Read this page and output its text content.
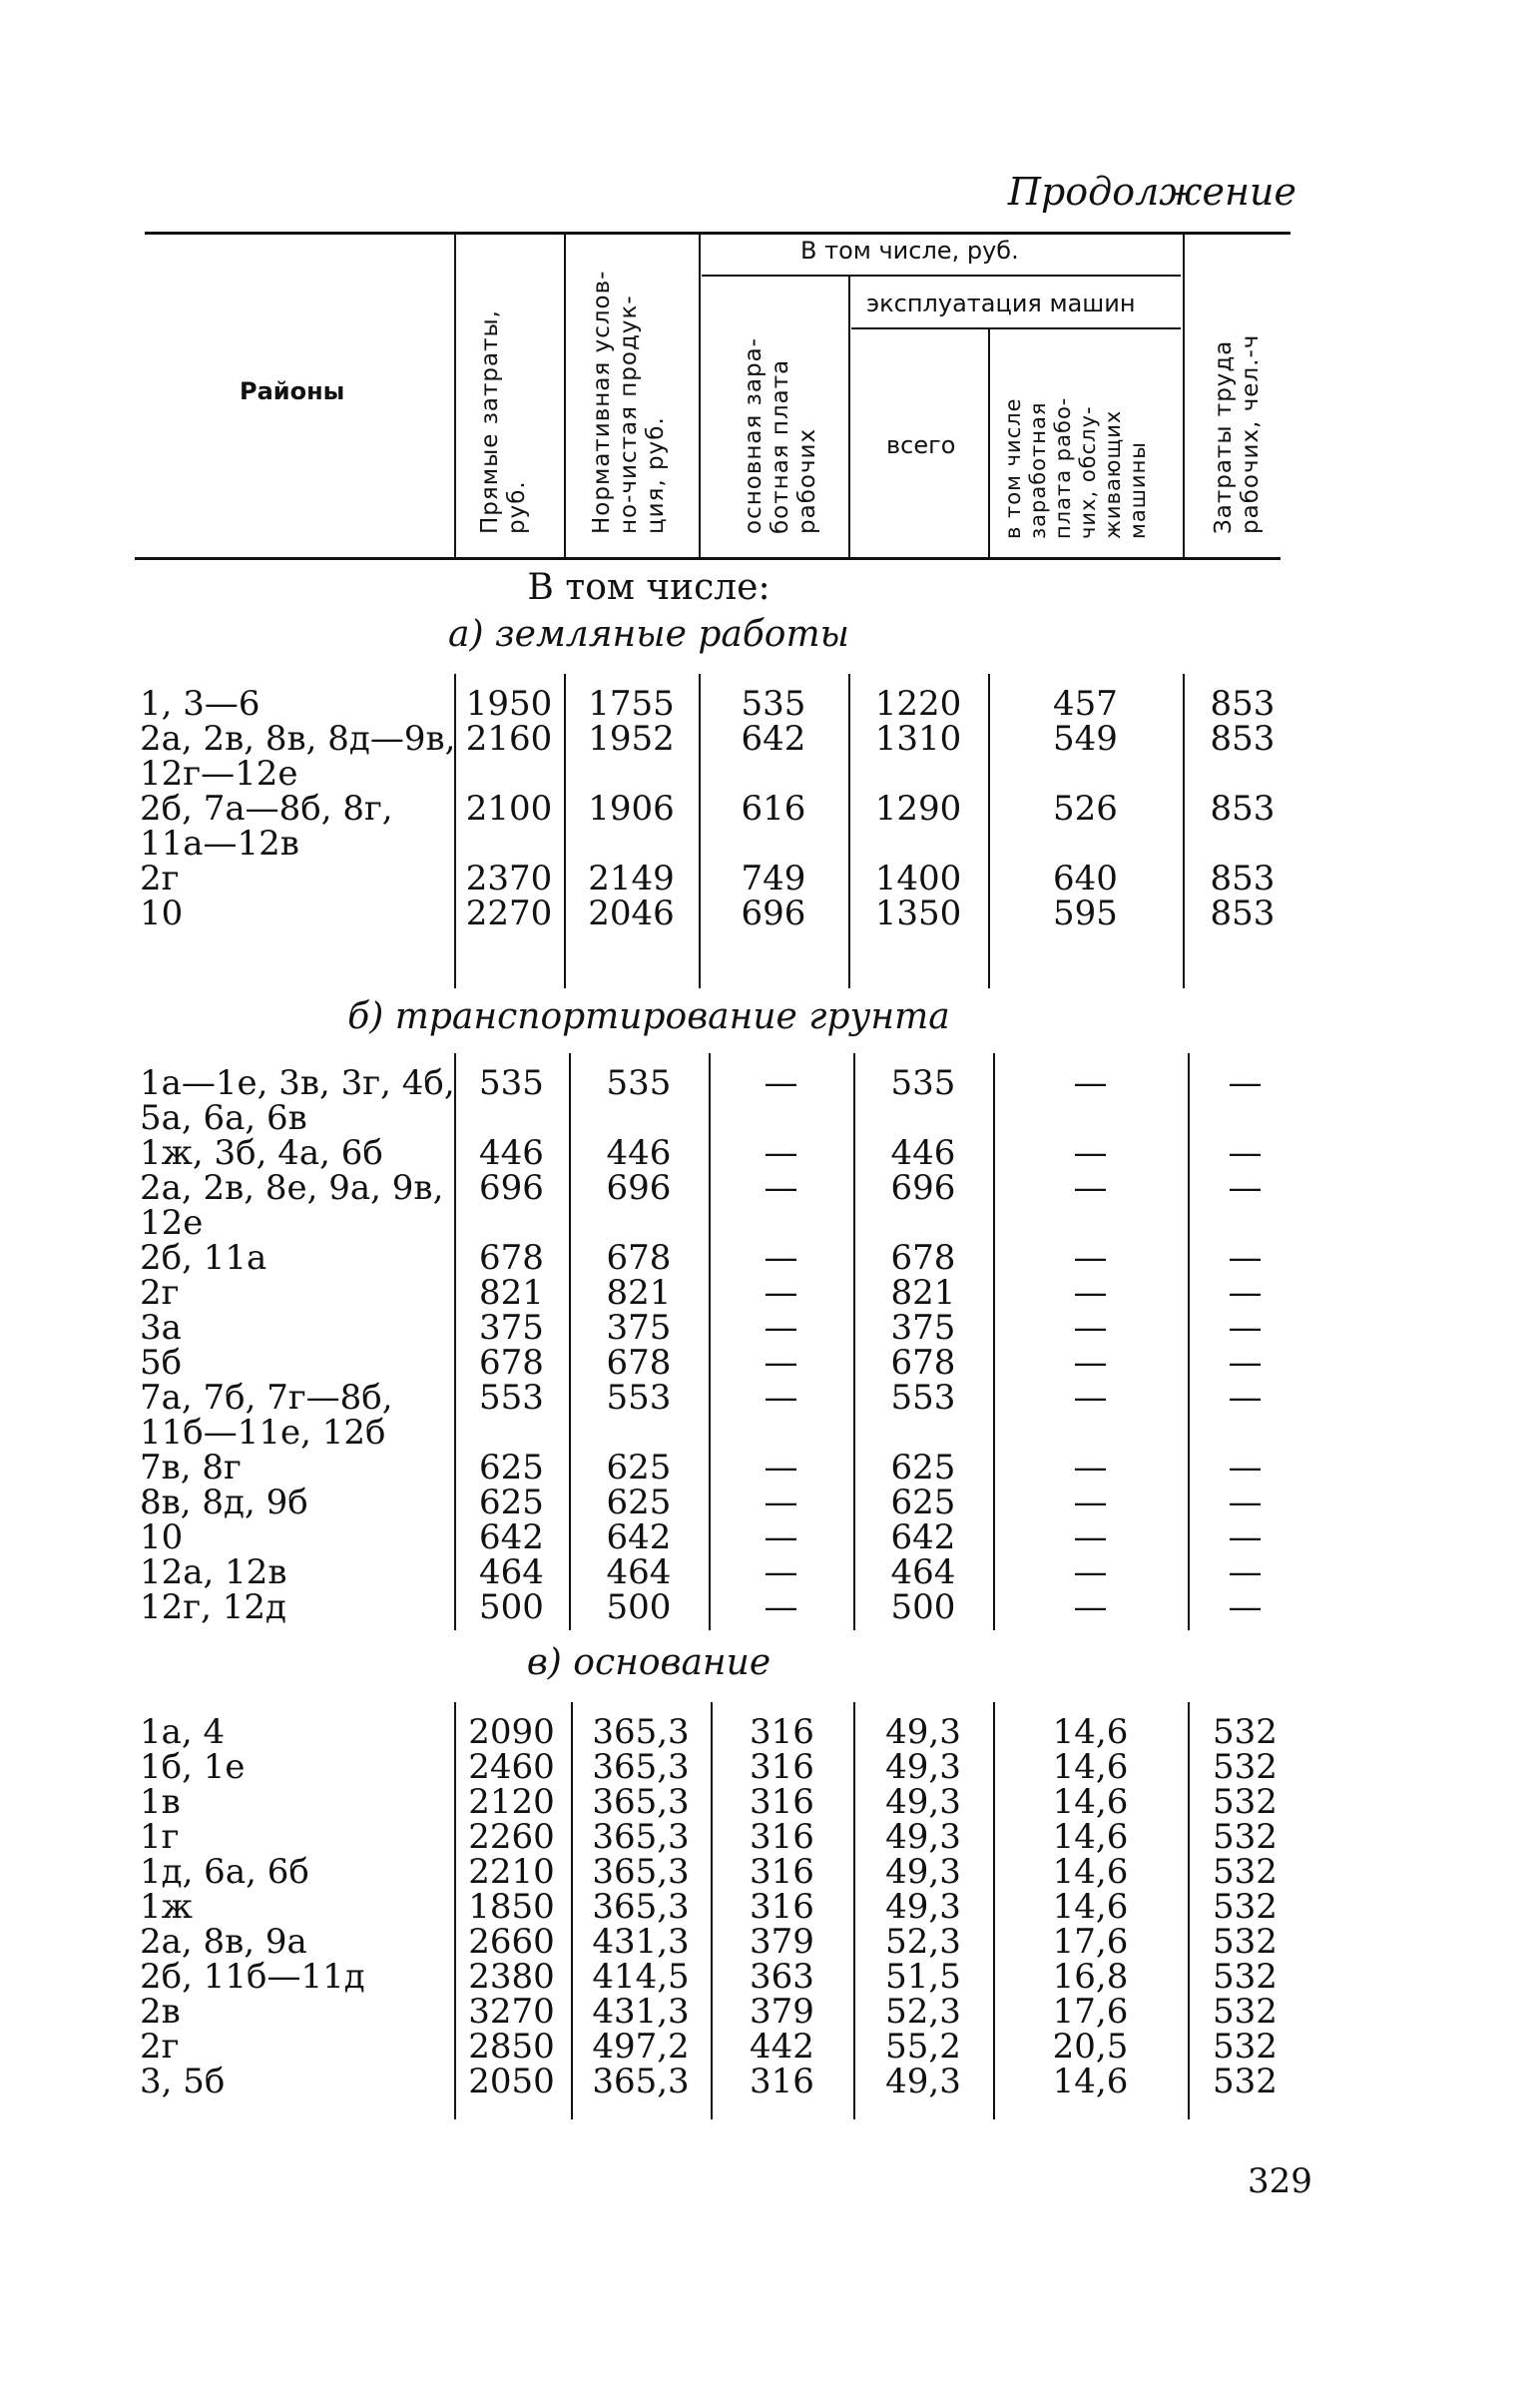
Продолжение
Районы
Прямые затраты,
руб.	Нормативная услов-
но-чистая продук-
ция, руб.
В том числе, руб.
основная зара-
ботная плата
рабочих
эксплуатация машин
всего
в том числе
заработная
плата рабо-
чих, обслу-
живающих
машины	Затраты труда
рабочих, чел.-ч
В том числе:
а) земляные работы
1, 3—6
2а, 2в, 8в, 8д—9в,
12г—12е
2б, 7а—8б, 8г,
11а—12в
2г
10
1950
2160

2100

2370
2270
1755
1952

1906

2149
2046
535
642

616

749
696
1220
1310

1290

1400
1350
457
549

526

640
595
853
853

853

853
853
б) транспортирование грунта
1а—1е, 3в, 3г, 4б,
5а, 6а, 6в
1ж, 3б, 4а, 6б
2а, 2в, 8е, 9а, 9в,
12е
2б, 11а
2г
3а
5б
7а, 7б, 7г—8б,
11б—11е, 12б
7в, 8г
8в, 8д, 9б
10
12а, 12в
12г, 12д
535

446
696

678
821
375
678
553

625
625
642
464
500
535

446
696

678
821
375
678
553

625
625
642
464
500
—

—
—

—
—
—
—
—

—
—
—
—
—
535

446
696

678
821
375
678
553

625
625
642
464
500
—

—
—

—
—
—
—
—

—
—
—
—
—
—

—
—

—
—
—
—
—

—
—
—
—
—
в) основание
1а, 4
1б, 1е
1в
1г
1д, 6а, 6б
1ж
2а, 8в, 9а
2б, 11б—11д
2в
2г
3, 5б
2090
2460
2120
2260
2210
1850
2660
2380
3270
2850
2050
365,3
365,3
365,3
365,3
365,3
365,3
431,3
414,5
431,3
497,2
365,3
316
316
316
316
316
316
379
363
379
442
316
49,3
49,3
49,3
49,3
49,3
49,3
52,3
51,5
52,3
55,2
49,3
14,6
14,6
14,6
14,6
14,6
14,6
17,6
16,8
17,6
20,5
14,6
532
532
532
532
532
532
532
532
532
532
532
329
